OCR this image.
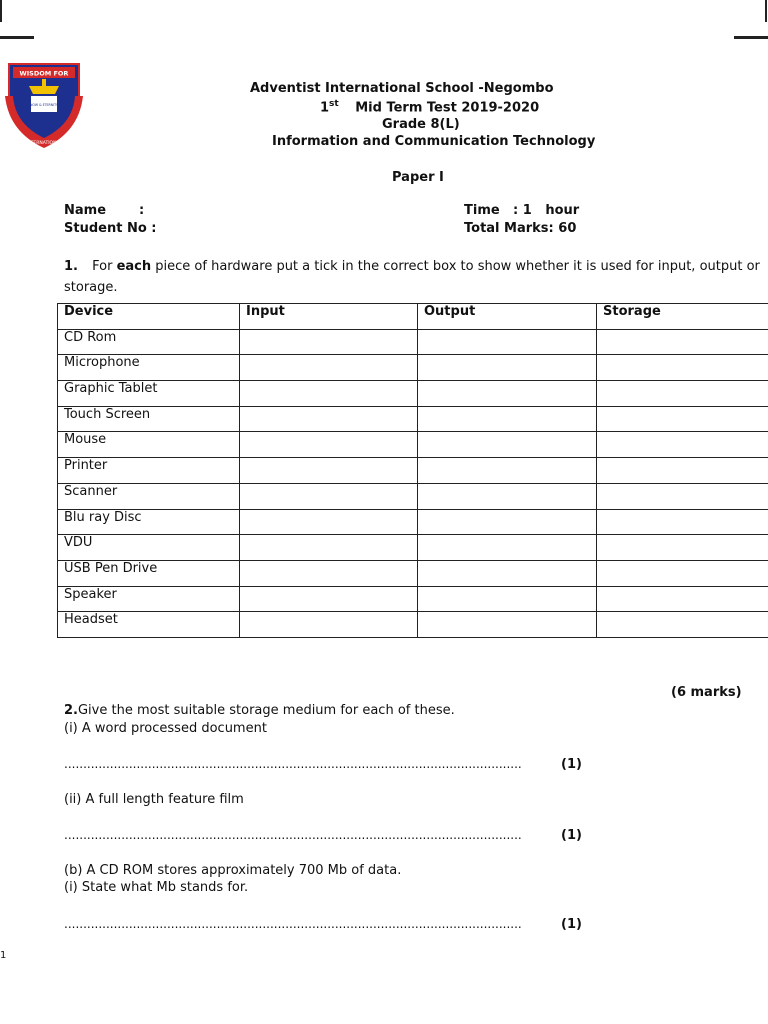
WISDOM FOR
NOW & ETERNITY
INTERNATIONAL
Adventist International School -Negombo
1st Mid Term Test 2019-2020
Grade 8(L)
Information and Communication Technology
Paper I
Name	:
Student No :
Time : 1   hour
Total Marks: 60
1. For each piece of hardware put a tick in the correct box to show whether it is used for input, output or
storage.
Device	Input	Output	Storage
CD Rom			
Microphone			
Graphic Tablet			
Touch Screen			
Mouse			
Printer			
Scanner			
Blu ray Disc			
VDU			
USB Pen Drive			
Speaker			
Headset			
(6 marks)
2.Give the most suitable storage medium for each of these.
(i) A word processed document
........................................................................................................................	(1)
(ii) A full length feature film
........................................................................................................................	(1)
(b) A CD ROM stores approximately 700 Mb of data.
(i) State what Mb stands for.
........................................................................................................................	(1)
1
